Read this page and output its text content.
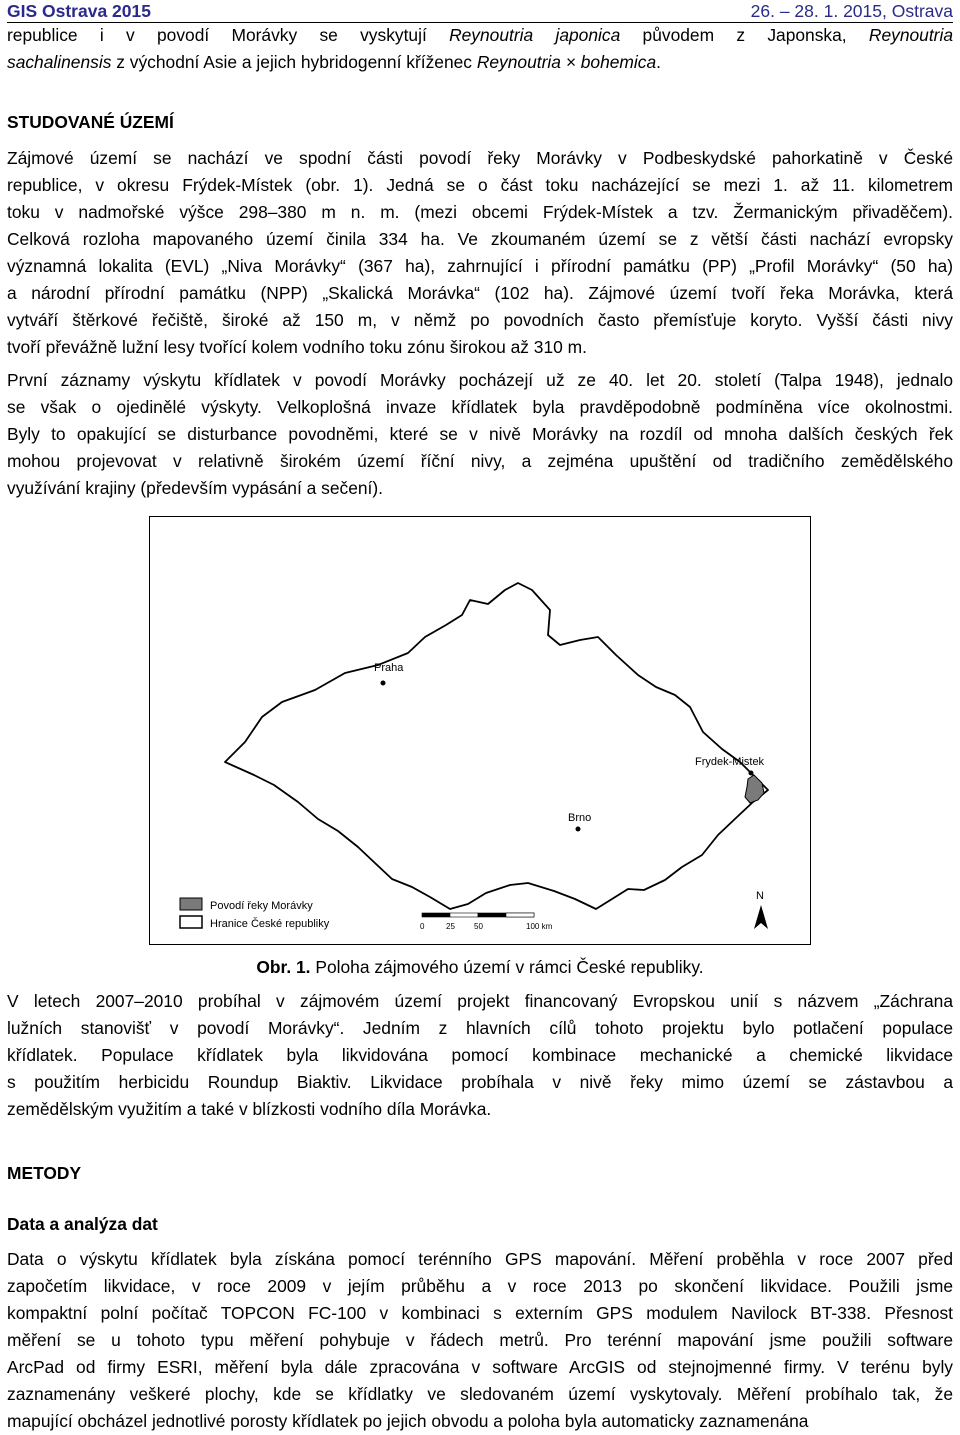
GIS Ostrava 2015	26. – 28. 1. 2015, Ostrava
republice i v povodí Morávky se vyskytují Reynoutria japonica původem z Japonska, Reynoutria
sachalinensis z východní Asie a jejich hybridogenní kříženec Reynoutria × bohemica.
STUDOVANÉ ÚZEMÍ
Zájmové území se nachází ve spodní části povodí řeky Morávky v Podbeskydské pahorkatině v České
republice, v okresu Frýdek-Místek (obr. 1). Jedná se o část toku nacházející se mezi 1. až 11. kilometrem
toku v nadmořské výšce 298–380 m n. m. (mezi obcemi Frýdek-Místek a tzv. Žermanickým přivaděčem).
Celková rozloha mapovaného území činila 334 ha. Ve zkoumaném území se z větší části nachází evropsky
významná lokalita (EVL) „Niva Morávky“ (367 ha), zahrnující i přírodní památku (PP) „Profil Morávky“ (50 ha)
a národní přírodní památku (NPP) „Skalická Morávka“ (102 ha). Zájmové území tvoří řeka Morávka, která
vytváří štěrkové řečiště, široké až 150 m, v němž po povodních často přemísťuje koryto. Vyšší části nivy
tvoří převážně lužní lesy tvořící kolem vodního toku zónu širokou až 310 m.
První záznamy výskytu křídlatek v povodí Morávky pocházejí už ze 40. let 20. století (Talpa 1948), jednalo
se však o ojedinělé výskyty. Velkoplošná invaze křídlatek byla pravděpodobně podmíněna více okolnostmi.
Byly to opakující se disturbance povodněmi, které se v nivě Morávky na rozdíl od mnoha dalších českých řek
mohou projevovat v relativně širokém území říční nivy, a zejména upuštění od tradičního zemědělského
využívání krajiny (především vypásání a sečení).
Praha
Frydek-Mistek
Brno
Povodí řeky Morávky
Hranice České republiky	0	25 50	100 km
N
Obr. 1. Poloha zájmového území v rámci České republiky.
V letech 2007–2010 probíhal v zájmovém území projekt financovaný Evropskou unií s názvem „Záchrana
lužních stanovišť v povodí Morávky“. Jedním z hlavních cílů tohoto projektu bylo potlačení populace
křídlatek. Populace křídlatek byla likvidována pomocí kombinace mechanické a chemické likvidace
s použitím herbicidu Roundup Biaktiv. Likvidace probíhala v nivě řeky mimo území se zástavbou a
zemědělským využitím a také v blízkosti vodního díla Morávka.
METODY
Data a analýza dat
Data o výskytu křídlatek byla získána pomocí terénního GPS mapování. Měření proběhla v roce 2007 před
započetím likvidace, v roce 2009 v jejím průběhu a v roce 2013 po skončení likvidace. Použili jsme
kompaktní polní počítač TOPCON FC-100 v kombinaci s externím GPS modulem Navilock BT-338. Přesnost
měření se u tohoto typu měření pohybuje v řádech metrů. Pro terénní mapování jsme použili software
ArcPad od firmy ESRI, měření byla dále zpracována v software ArcGIS od stejnojmenné firmy. V terénu byly
zaznamenány veškeré plochy, kde se křídlatky ve sledovaném území vyskytovaly. Měření probíhalo tak, že
mapující obcházel jednotlivé porosty křídlatek po jejich obvodu a poloha byla automaticky zaznamenána
